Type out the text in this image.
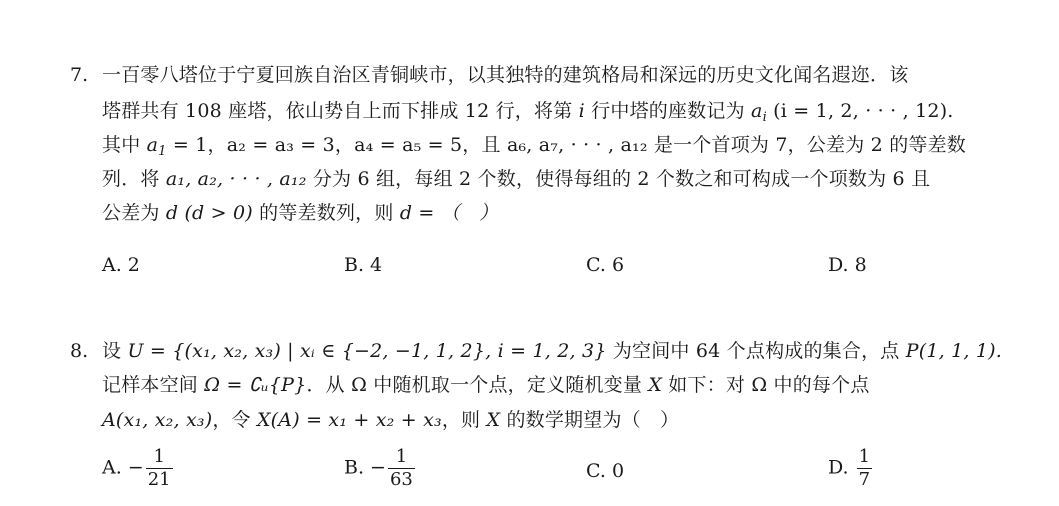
7. 一百零八塔位于宁夏回族自治区青铜峡市，以其独特的建筑格局和深远的历史文化闻名遐迩．该
塔群共有 108 座塔，依山势自上而下排成 12 行，将第 i 行中塔的座数记为 $a_i$ (i = 1, 2, · · · , 12).
其中 $a_1 = 1$，a₂ = a₃ = 3，a₄ = a₅ = 5，且 a₆, a₇, · · · , a₁₂ 是一个首项为 7，公差为 2 的等差数
列．将 a₁, a₂, · · · , a₁₂ 分为 6 组，每组 2 个数，使得每组的 2 个数之和可构成一个项数为 6 且
公差为 d (d > 0) 的等差数列，则 d = （　）
A. 2	B. 4	C. 6	D. 8
8. 设 U = {(x₁, x₂, x₃) | xᵢ ∈ {−2, −1, 1, 2}, i = 1, 2, 3} 为空间中 64 个点构成的集合，点 P(1, 1, 1).
记样本空间 Ω = ∁ᵤ{P}．从 Ω 中随机取一个点，定义随机变量 X 如下：对 Ω 中的每个点
A(x₁, x₂, x₃)，令 X(A) = x₁ + x₂ + x₃，则 X 的数学期望为（　）
A. − $\frac{1}{21}$	B. − $\frac{1}{63}$	C. 0	D. $\frac{1}{7}$
